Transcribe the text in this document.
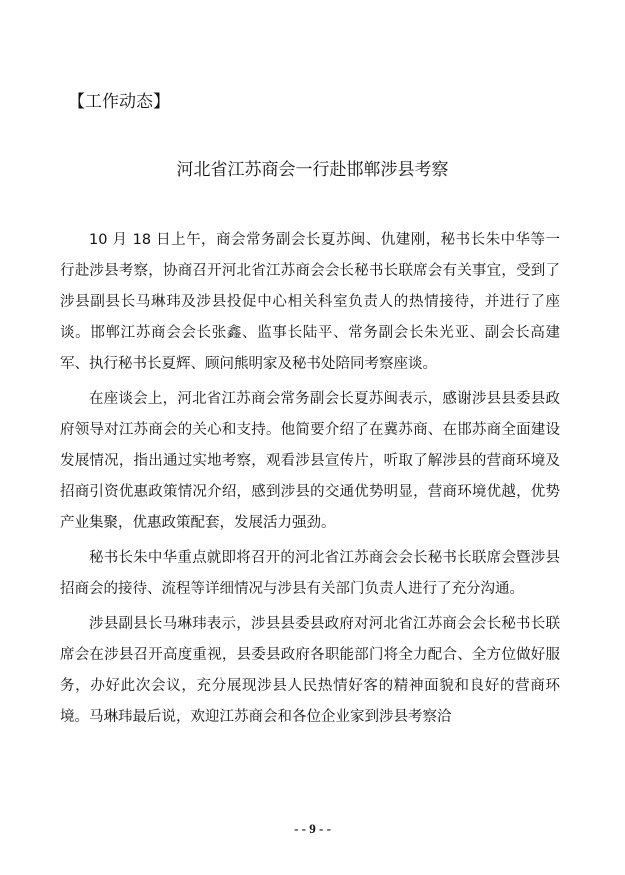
【工作动态】
河北省江苏商会一行赴邯郸涉县考察

10 月 18 日上午，商会常务副会长夏苏闽、仇建刚，秘书长朱中华等一行赴涉县考察，协商召开河北省江苏商会会长秘书长联席会有关事宜，受到了涉县副县长马琳玮及涉县投促中心相关科室负责人的热情接待，并进行了座谈。邯郸江苏商会会长张鑫、监事长陆平、常务副会长朱光亚、副会长高建军、执行秘书长夏辉、顾问熊明家及秘书处陪同考察座谈。

在座谈会上，河北省江苏商会常务副会长夏苏闽表示，感谢涉县县委县政府领导对江苏商会的关心和支持。他简要介绍了在冀苏商、在邯苏商全面建设发展情况，指出通过实地考察，观看涉县宣传片，听取了解涉县的营商环境及招商引资优惠政策情况介绍，感到涉县的交通优势明显，营商环境优越，优势产业集聚，优惠政策配套，发展活力强劲。

秘书长朱中华重点就即将召开的河北省江苏商会会长秘书长联席会暨涉县招商会的接待、流程等详细情况与涉县有关部门负责人进行了充分沟通。

涉县副县长马琳玮表示，涉县县委县政府对河北省江苏商会会长秘书长联席会在涉县召开高度重视，县委县政府各职能部门将全力配合、全方位做好服务，办好此次会议，充分展现涉县人民热情好客的精神面貌和良好的营商环境。马琳玮最后说，欢迎江苏商会和各位企业家到涉县考察洽

- - 9 - -
